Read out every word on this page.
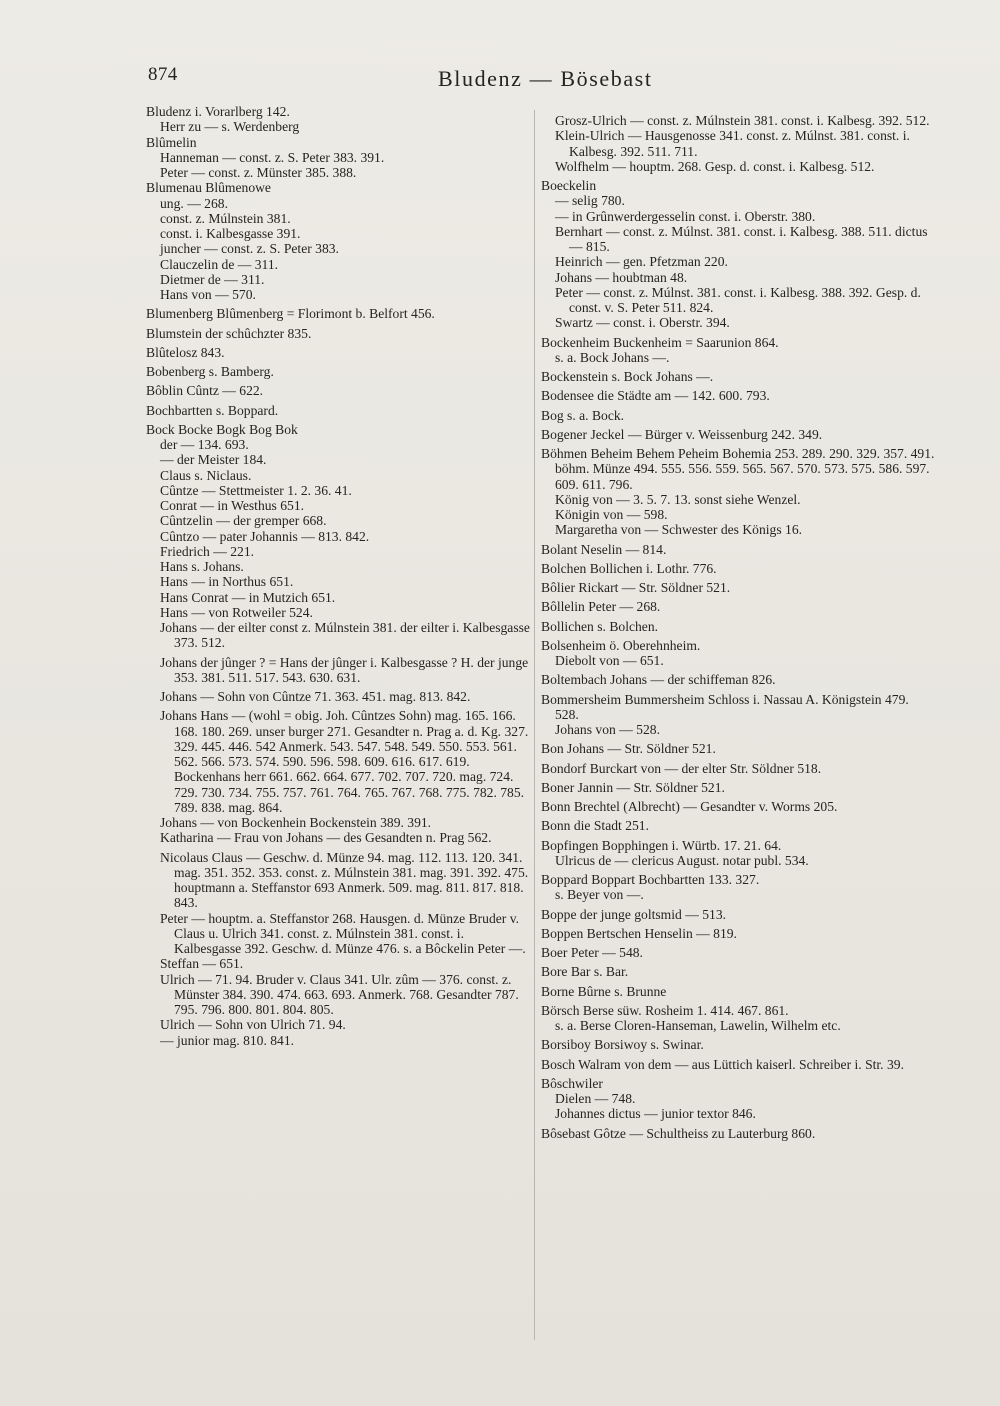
874	Bludenz — Bösebast

Bludenz i. Vorarlberg 142.

Herr zu — s. Werdenberg

Blûmelin

Hanneman — const. z. S. Peter 383. 391.

Peter — const. z. Münster 385. 388.

Blumenau Blûmenowe

ung. — 268.

const. z. Múlnstein 381.

const. i. Kalbesgasse 391.

juncher — const. z. S. Peter 383.

Clauczelin de — 311.

Dietmer de — 311.

Hans von — 570.

Blumenberg Blûmenberg = Florimont b. Belfort 456.

Blumstein der schûchzter 835.

Blûtelosz 843.

Bobenberg s. Bamberg.

Bôblin Cûntz — 622.

Bochbartten s. Boppard.

Bock Bocke Bogk Bog Bok

der — 134. 693.

— der Meister 184.

Claus s. Niclaus.

Cûntze — Stettmeister 1. 2. 36. 41.

Conrat — in Westhus 651.

Cûntzelin — der gremper 668.

Cûntzo — pater Johannis — 813. 842.

Friedrich — 221.

Hans s. Johans.

Hans — in Northus 651.

Hans Conrat — in Mutzich 651.

Hans — von Rotweiler 524.

Johans — der eilter const z. Múlnstein 381. der eilter i. Kalbesgasse 373. 512.

Johans der jûnger ? = Hans der jûnger i. Kalbesgasse ? H. der junge 353. 381. 511. 517. 543. 630. 631.

Johans — Sohn von Cûntze 71. 363. 451. mag. 813. 842.

Johans Hans — (wohl = obig. Joh. Cûntzes Sohn) mag. 165. 166. 168. 180. 269. unser burger 271. Gesandter n. Prag a. d. Kg. 327. 329. 445. 446. 542 Anmerk. 543. 547. 548. 549. 550. 553. 561. 562. 566. 573. 574. 590. 596. 598. 609. 616. 617. 619. Bockenhans herr 661. 662. 664. 677. 702. 707. 720. mag. 724. 729. 730. 734. 755. 757. 761. 764. 765. 767. 768. 775. 782. 785. 789. 838. mag. 864.

Johans — von Bockenhein Bockenstein 389. 391.

Katharina — Frau von Johans — des Gesandten n. Prag 562.

Nicolaus Claus — Geschw. d. Münze 94. mag. 112. 113. 120. 341. mag. 351. 352. 353. const. z. Múlnstein 381. mag. 391. 392. 475. houptmann a. Steffanstor 693 Anmerk. 509. mag. 811. 817. 818. 843.

Peter — houptm. a. Steffanstor 268. Hausgen. d. Münze Bruder v. Claus u. Ulrich 341. const. z. Múlnstein 381. const. i. Kalbesgasse 392. Geschw. d. Münze 476. s. a Bôckelin Peter —.

Steffan — 651.

Ulrich — 71. 94. Bruder v. Claus 341. Ulr. zûm — 376. const. z. Münster 384. 390. 474. 663. 693. Anmerk. 768. Gesandter 787. 795. 796. 800. 801. 804. 805.

Ulrich — Sohn von Ulrich 71. 94.

— junior mag. 810. 841.

Grosz-Ulrich — const. z. Múlnstein 381. const. i. Kalbesg. 392. 512.

Klein-Ulrich — Hausgenosse 341. const. z. Múlnst. 381. const. i. Kalbesg. 392. 511. 711.

Wolfhelm — houptm. 268. Gesp. d. const. i. Kalbesg. 512.

Boeckelin

— selig 780.

— in Grûnwerdergesselin const. i. Oberstr. 380.

Bernhart — const. z. Múlnst. 381. const. i. Kalbesg. 388. 511. dictus — 815.

Heinrich — gen. Pfetzman 220.

Johans — houbtman 48.

Peter — const. z. Múlnst. 381. const. i. Kalbesg. 388. 392. Gesp. d. const. v. S. Peter 511. 824.

Swartz — const. i. Oberstr. 394.

Bockenheim Buckenheim = Saarunion 864.

s. a. Bock Johans —.

Bockenstein s. Bock Johans —.

Bodensee die Städte am — 142. 600. 793.

Bog s. a. Bock.

Bogener Jeckel — Bürger v. Weissenburg 242. 349.

Böhmen Beheim Behem Peheim Bohemia 253. 289. 290. 329. 357. 491. böhm. Münze 494. 555. 556. 559. 565. 567. 570. 573. 575. 586. 597. 609. 611. 796.

König von — 3. 5. 7. 13. sonst siehe Wenzel.

Königin von — 598.

Margaretha von — Schwester des Königs 16.

Bolant Neselin — 814.

Bolchen Bollichen i. Lothr. 776.

Bôlier Rickart — Str. Söldner 521.

Bôllelin Peter — 268.

Bollichen s. Bolchen.

Bolsenheim ö. Oberehnheim.

Diebolt von — 651.

Boltembach Johans — der schiffeman 826.

Bommersheim Bummersheim Schloss i. Nassau A. Königstein 479. 528.

Johans von — 528.

Bon Johans — Str. Söldner 521.

Bondorf Burckart von — der elter Str. Söldner 518.

Boner Jannin — Str. Söldner 521.

Bonn Brechtel (Albrecht) — Gesandter v. Worms 205.

Bonn die Stadt 251.

Bopfingen Bopphingen i. Würtb. 17. 21. 64.

Ulricus de — clericus August. notar publ. 534.

Boppard Boppart Bochbartten 133. 327.

s. Beyer von —.

Boppe der junge goltsmid — 513.

Boppen Bertschen Henselin — 819.

Boer Peter — 548.

Bore Bar s. Bar.

Borne Bûrne s. Brunne

Börsch Berse süw. Rosheim 1. 414. 467. 861.

s. a. Berse Cloren-Hanseman, Lawelin, Wilhelm etc.

Borsiboy Borsiwoy s. Swinar.

Bosch Walram von dem — aus Lüttich kaiserl. Schreiber i. Str. 39.

Bôschwiler

Dielen — 748.

Johannes dictus — junior textor 846.

Bôsebast Gôtze — Schultheiss zu Lauterburg 860.
